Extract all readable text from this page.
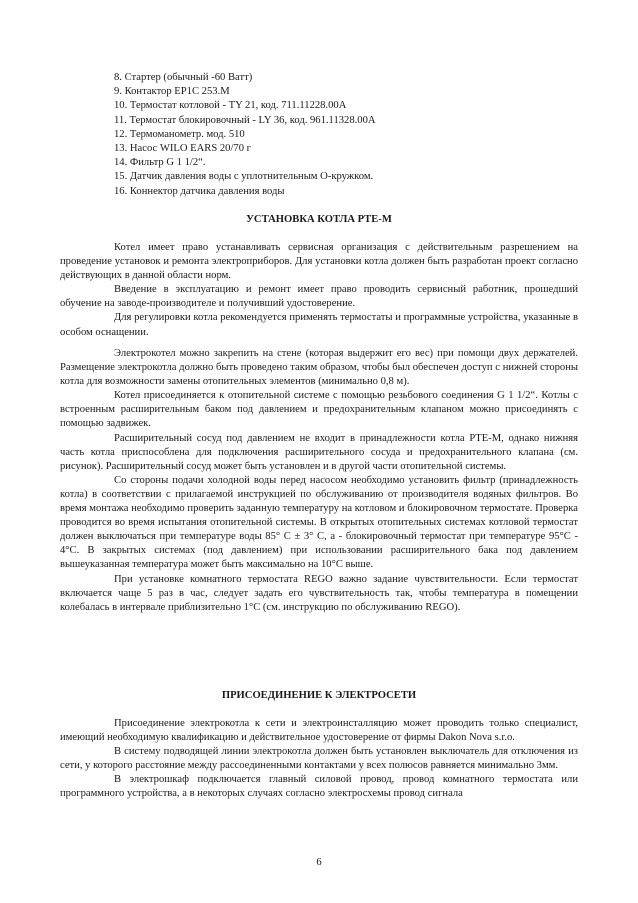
8. Стартер (обычный -60 Ватт)
9. Контактор EP1C 253.M
10. Термостат котловой - TY 21, код. 711.11228.00A
11. Термостат блокировочный - LY 36, код. 961.11328.00A
12. Термоманометр. мод. 510
13. Насос WILO EARS 20/70 г
14. Фильтр G 1 1/2“.
15. Датчик давления воды с уплотнительным O-кружком.
16. Коннектор датчика давления воды
УСТАНОВКА КОТЛА PTE-M

Котел имеет право устанавливать сервисная организация с действительным разрешением на проведение установок и ремонта электроприборов. Для установки котла должен быть разработан проект согласно действующих в данной области норм.

Введение в эксплуатацию и ремонт имеет право проводить сервисный работник, прошедший обучение на заводе-производителе и получивший удостоверение.

Для регулировки котла рекомендуется применять термостаты и программные устройства, указанные в особом оснащении.

Электрокотел можно закрепить на стене (которая выдержит его вес) при помощи двух держателей. Размещение электрокотла должно быть проведено таким образом, чтобы был обеспечен доступ с нижней стороны котла для возможности замены отопительных элементов (минимально 0,8 м).

Котел присоединяется к отопительной системе с помощью резьбового соединения G 1 1/2“. Котлы с встроенным расширительным баком под давлением и предохранительным клапаном можно присоединять с помощью задвижек.

Расширительный сосуд под давлением не входит в принадлежности котла PTE-M, однако нижняя часть котла приспособлена для подключения расширительного сосуда и предохранительного клапана (см. рисунок). Расширительный сосуд может быть установлен и в другой части отопительной системы.

Со стороны подачи холодной воды перед насосом необходимо установить фильтр (принадлежность котла) в соответствии с прилагаемой инструкцией по обслуживанию от производителя водяных фильтров. Во время монтажа необходимо проверить заданную температуру на котловом и блокировочном термостате. Проверка проводится во время испытания отопительной системы. В открытых отопительных системах котловой термостат должен выключаться при температуре воды 85° C ± 3° C, а - блокировочный термостат при температуре 95°C - 4°C. В закрытых системах (под давлением) при использовании расширительного бака под давлением вышеуказанная температура может быть максимально на 10°C выше.

При установке комнатного термостата REGO важно задание чувствительности. Если термостат включается чаще 5 раз в час, следует задать его чувствительность так, чтобы температура в помещении колебалась в интервале приблизительно 1°C (см. инструкцию по обслуживанию REGO).

ПРИСОЕДИНЕНИЕ К ЭЛЕКТРОСЕТИ

Присоединение электрокотла к сети и электроинсталляцию может проводить только специалист, имеющий необходимую квалификацию и действительное удостоверение от фирмы Dakon Nova s.r.o.

В систему подводящей линии электрокотла должен быть установлен выключатель для отключения из сети, у которого расстояние между рассоединенными контактами у всех полюсов равняется минимально 3мм.

В электрошкаф подключается главный силовой провод, провод комнатного термостата или программного устройства, а в некоторых случаях согласно электросхемы провод сигнала

6
